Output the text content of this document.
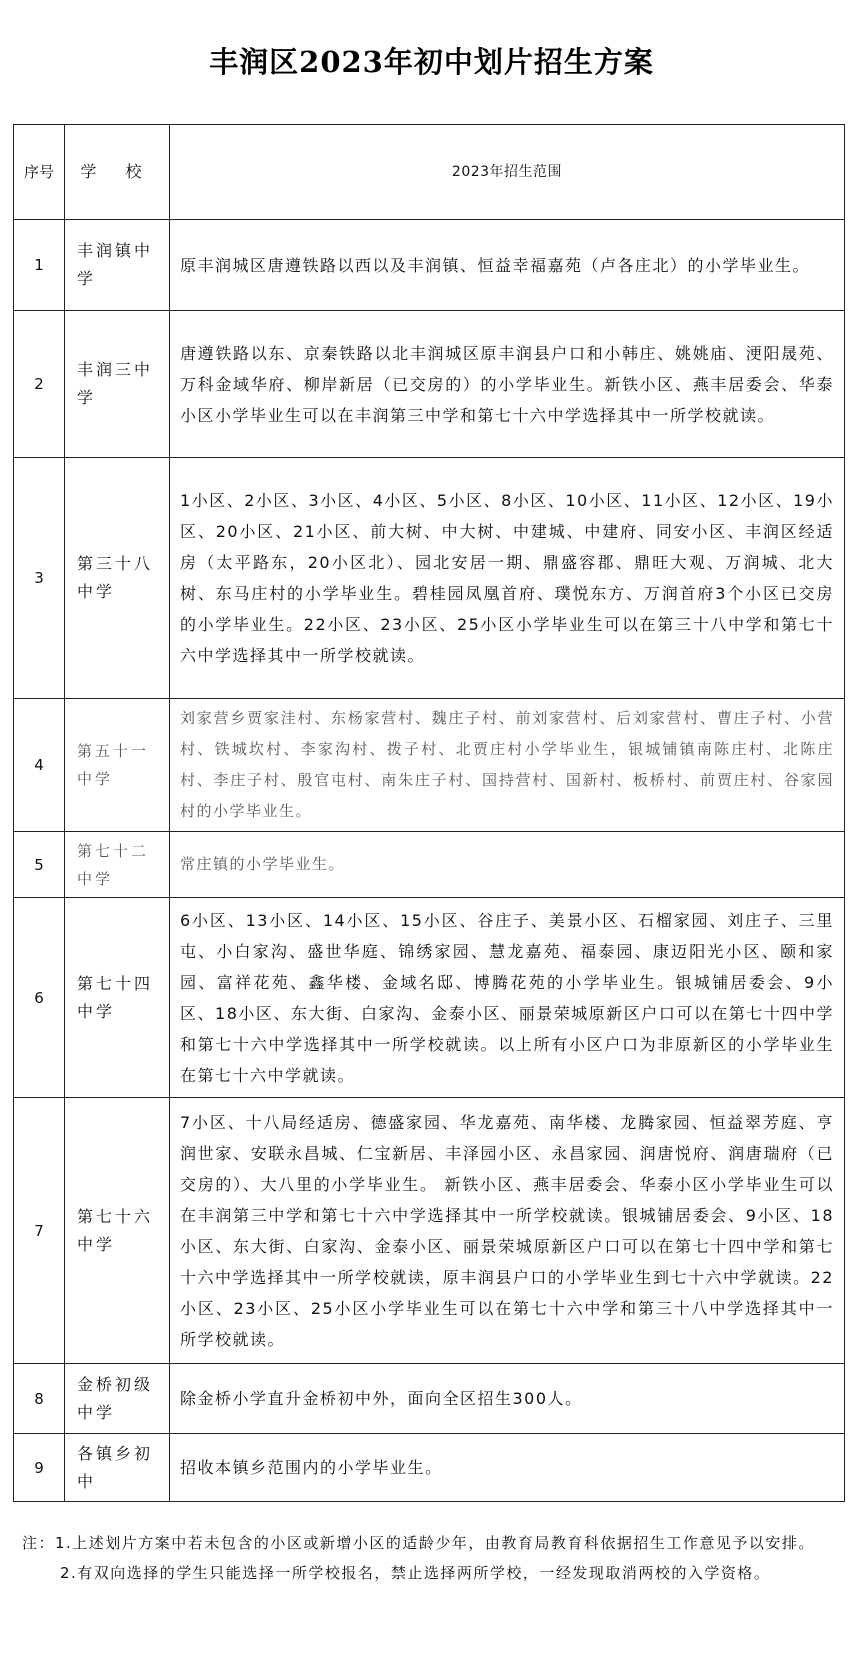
丰润区2023年初中划片招生方案
序号	学 校	2023年招生范围
1	丰润镇中学	原丰润城区唐遵铁路以西以及丰润镇、恒益幸福嘉苑（卢各庄北）的小学毕业生。
2	丰润三中学	唐遵铁路以东、京秦铁路以北丰润城区原丰润县户口和小韩庄、姚姚庙、浭阳晟苑、万科金域华府、柳岸新居（已交房的）的小学毕业生。新铁小区、燕丰居委会、华泰小区小学毕业生可以在丰润第三中学和第七十六中学选择其中一所学校就读。
3	第三十八中学	1小区、2小区、3小区、4小区、5小区、8小区、10小区、11小区、12小区、19小区、20小区、21小区、前大树、中大树、中建城、中建府、同安小区、丰润区经适房（太平路东，20小区北）、园北安居一期、鼎盛容郡、鼎旺大观、万润城、北大树、东马庄村的小学毕业生。碧桂园凤凰首府、璞悦东方、万润首府3个小区已交房的小学毕业生。22小区、23小区、25小区小学毕业生可以在第三十八中学和第七十六中学选择其中一所学校就读。
4	第五十一中学	刘家营乡贾家洼村、东杨家营村、魏庄子村、前刘家营村、后刘家营村、曹庄子村、小营村、铁城坎村、李家沟村、拨子村、北贾庄村小学毕业生，银城铺镇南陈庄村、北陈庄村、李庄子村、殷官屯村、南朱庄子村、国持营村、国新村、板桥村、前贾庄村、谷家园村的小学毕业生。
5	第七十二中学	常庄镇的小学毕业生。
6	第七十四中学	6小区、13小区、14小区、15小区、谷庄子、美景小区、石榴家园、刘庄子、三里屯、小白家沟、盛世华庭、锦绣家园、慧龙嘉苑、福泰园、康迈阳光小区、颐和家园、富祥花苑、鑫华楼、金域名邸、博腾花苑的小学毕业生。银城铺居委会、9小区、18小区、东大街、白家沟、金泰小区、丽景荣城原新区户口可以在第七十四中学和第七十六中学选择其中一所学校就读。以上所有小区户口为非原新区的小学毕业生在第七十六中学就读。
7	第七十六中学	7小区、十八局经适房、德盛家园、华龙嘉苑、南华楼、龙腾家园、恒益翠芳庭、亨润世家、安联永昌城、仁宝新居、丰泽园小区、永昌家园、润唐悦府、润唐瑞府（已交房的）、大八里的小学毕业生。 新铁小区、燕丰居委会、华泰小区小学毕业生可以在丰润第三中学和第七十六中学选择其中一所学校就读。银城铺居委会、9小区、18小区、东大街、白家沟、金泰小区、丽景荣城原新区户口可以在第七十四中学和第七十六中学选择其中一所学校就读，原丰润县户口的小学毕业生到七十六中学就读。22小区、23小区、25小区小学毕业生可以在第七十六中学和第三十八中学选择其中一所学校就读。
8	金桥初级中学	除金桥小学直升金桥初中外，面向全区招生300人。
9	各镇乡初中	招收本镇乡范围内的小学毕业生。

注：1.上述划片方案中若未包含的小区或新增小区的适龄少年，由教育局教育科依据招生工作意见予以安排。

2.有双向选择的学生只能选择一所学校报名，禁止选择两所学校，一经发现取消两校的入学资格。
